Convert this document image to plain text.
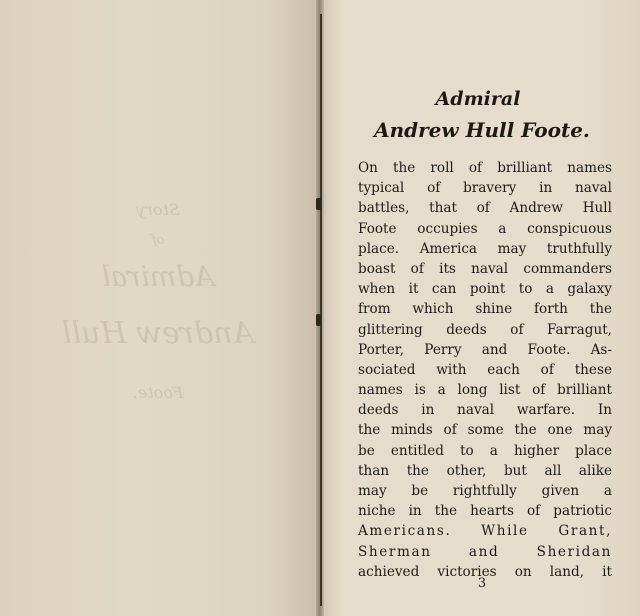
Story
of
Admiral
Andrew Hull
Foote.
Admiral
Andrew Hull Foote.
On the roll of brilliant names
typical of bravery in naval
battles, that of Andrew Hull
Foote occupies a conspicuous
place. America may truthfully
boast of its naval commanders
when it can point to a galaxy
from which shine forth the
glittering deeds of Farragut,
Porter, Perry and Foote. As-
sociated with each of these
names is a long list of brilliant
deeds in naval warfare. In
the minds of some the one may
be entitled to a higher place
than the other, but all alike
may be rightfully given a
niche in the hearts of patriotic
Americans. While Grant,
Sherman and Sheridan
achieved victories on land, it
3
